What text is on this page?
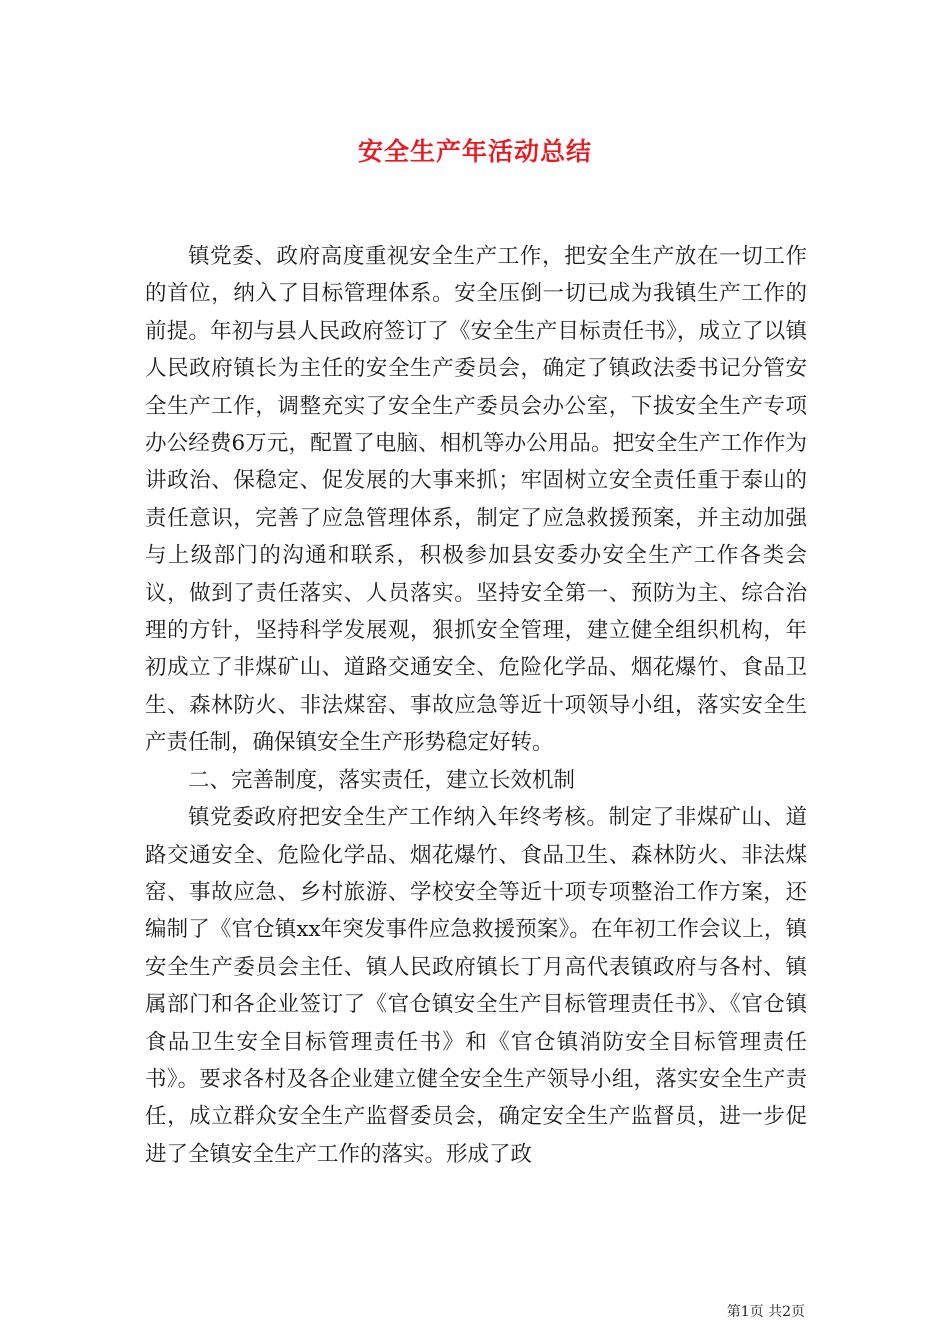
安全生产年活动总结

镇党委、政府高度重视安全生产工作，把安全生产放在一切工作的首位，纳入了目标管理体系。安全压倒一切已成为我镇生产工作的前提。年初与县人民政府签订了《安全生产目标责任书》，成立了以镇人民政府镇长为主任的安全生产委员会，确定了镇政法委书记分管安全生产工作，调整充实了安全生产委员会办公室，下拔安全生产专项办公经费6万元，配置了电脑、相机等办公用品。把安全生产工作作为讲政治、保稳定、促发展的大事来抓；牢固树立安全责任重于泰山的责任意识，完善了应急管理体系，制定了应急救援预案，并主动加强与上级部门的沟通和联系，积极参加县安委办安全生产工作各类会议，做到了责任落实、人员落实。坚持安全第一、预防为主、综合治理的方针，坚持科学发展观，狠抓安全管理，建立健全组织机构，年初成立了非煤矿山、道路交通安全、危险化学品、烟花爆竹、食品卫生、森林防火、非法煤窑、事故应急等近十项领导小组，落实安全生产责任制，确保镇安全生产形势稳定好转。

二、完善制度，落实责任，建立长效机制

镇党委政府把安全生产工作纳入年终考核。制定了非煤矿山、道路交通安全、危险化学品、烟花爆竹、食品卫生、森林防火、非法煤窑、事故应急、乡村旅游、学校安全等近十项专项整治工作方案，还编制了《官仓镇xx年突发事件应急救援预案》。在年初工作会议上，镇安全生产委员会主任、镇人民政府镇长丁月高代表镇政府与各村、镇属部门和各企业签订了《官仓镇安全生产目标管理责任书》、《官仓镇食品卫生安全目标管理责任书》和《官仓镇消防安全目标管理责任书》。要求各村及各企业建立健全安全生产领导小组，落实安全生产责任，成立群众安全生产监督委员会，确定安全生产监督员，进一步促进了全镇安全生产工作的落实。形成了政

第1页 共2页
